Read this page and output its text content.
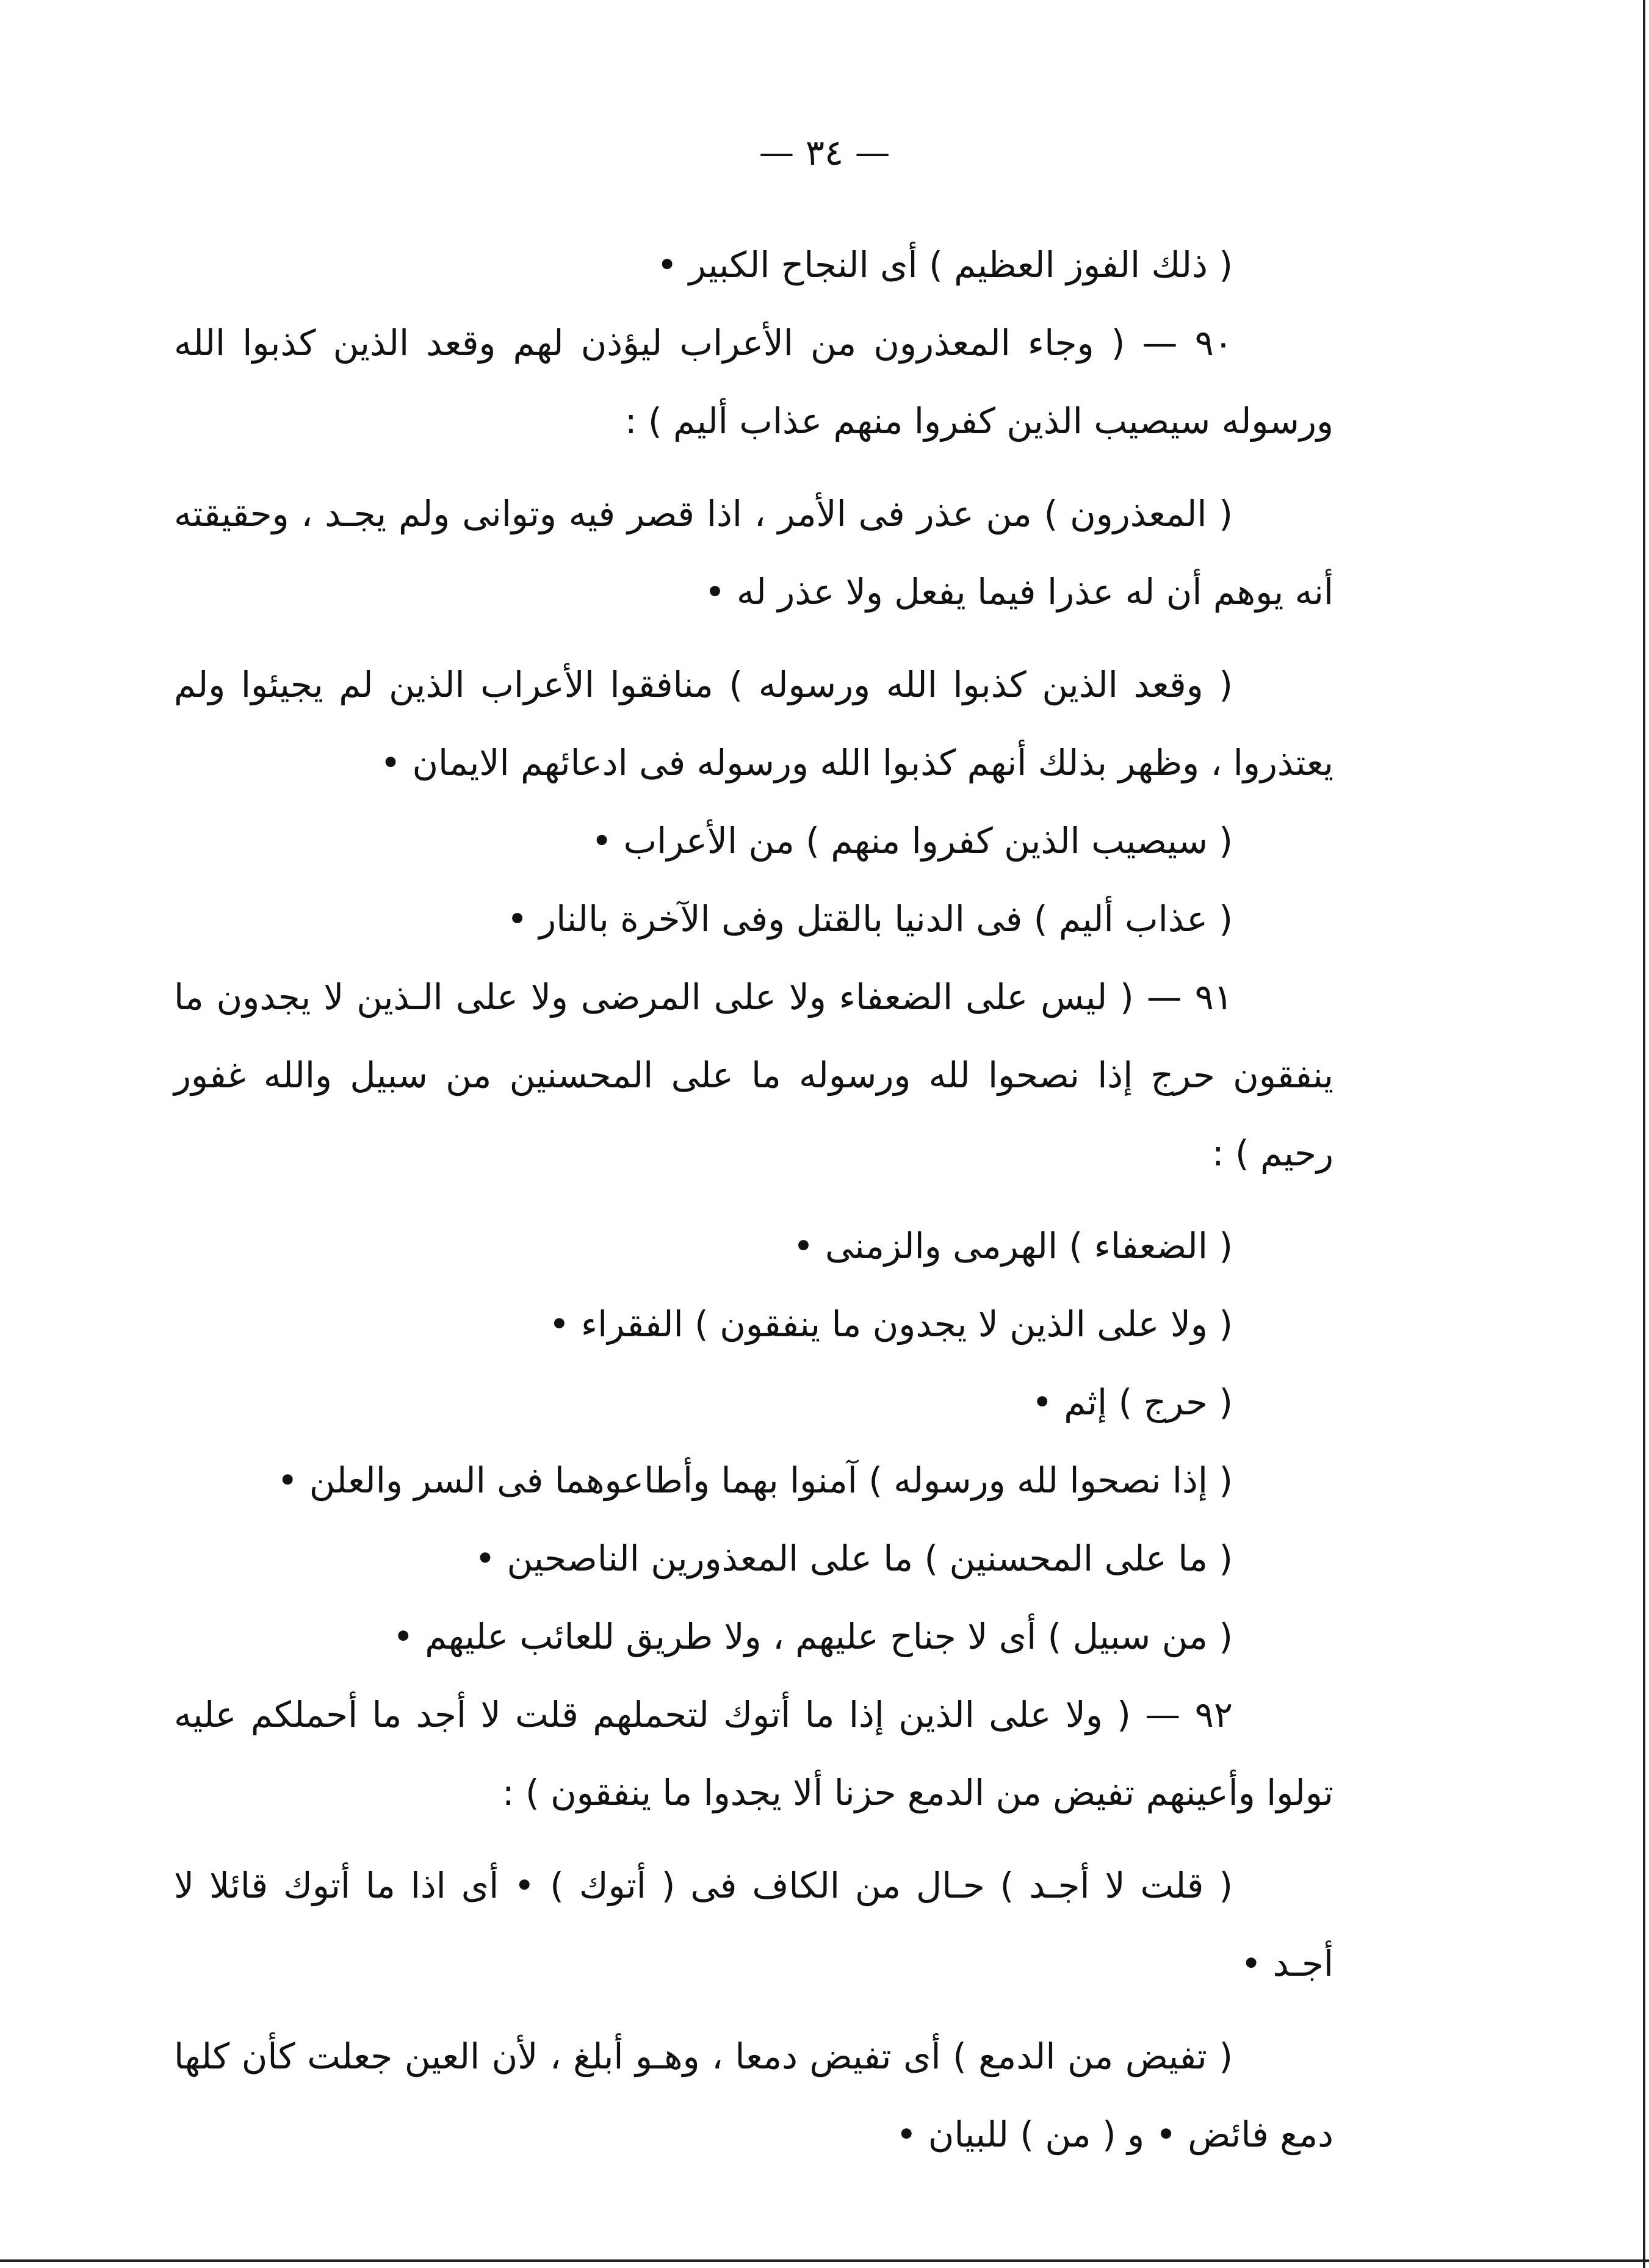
— ٣٤ —

( ذلك الفوز العظيم ) أى النجاح الكبير •

٩٠ — ( وجاء المعذرون من الأعراب ليؤذن لهم وقعد الذين كذبوا الله ورسوله سيصيب الذين كفروا منهم عذاب أليم ) :

( المعذرون ) من عذر فى الأمر ، اذا قصر فيه وتوانى ولم يجـد ، وحقيقته أنه يوهم أن له عذرا فيما يفعل ولا عذر له •

( وقعد الذين كذبوا الله ورسوله ) منافقوا الأعراب الذين لم يجيئوا ولم يعتذروا ، وظهر بذلك أنهم كذبوا الله ورسوله فى ادعائهم الايمان •

( سيصيب الذين كفروا منهم ) من الأعراب •

( عذاب أليم ) فى الدنيا بالقتل وفى الآخرة بالنار •

٩١ — ( ليس على الضعفاء ولا على المرضى ولا على الـذين لا يجدون ما ينفقون حرج إذا نصحوا لله ورسوله ما على المحسنين من سبيل والله غفور رحيم ) :

( الضعفاء ) الهرمى والزمنى •

( ولا على الذين لا يجدون ما ينفقون ) الفقراء •

( حرج ) إثم •

( إذا نصحوا لله ورسوله ) آمنوا بهما وأطاعوهما فى السر والعلن •

( ما على المحسنين ) ما على المعذورين الناصحين •

( من سبيل ) أى لا جناح عليهم ، ولا طريق للعائب عليهم •

٩٢ — ( ولا على الذين إذا ما أتوك لتحملهم قلت لا أجد ما أحملكم عليه تولوا وأعينهم تفيض من الدمع حزنا ألا يجدوا ما ينفقون ) :

( قلت لا أجـد ) حـال من الكاف فى ( أتوك ) • أى اذا ما أتوك قائلا لا أجـد •

( تفيض من الدمع ) أى تفيض دمعا ، وهـو أبلغ ، لأن العين جعلت كأن كلها دمع فائض • و ( من ) للبيان •
